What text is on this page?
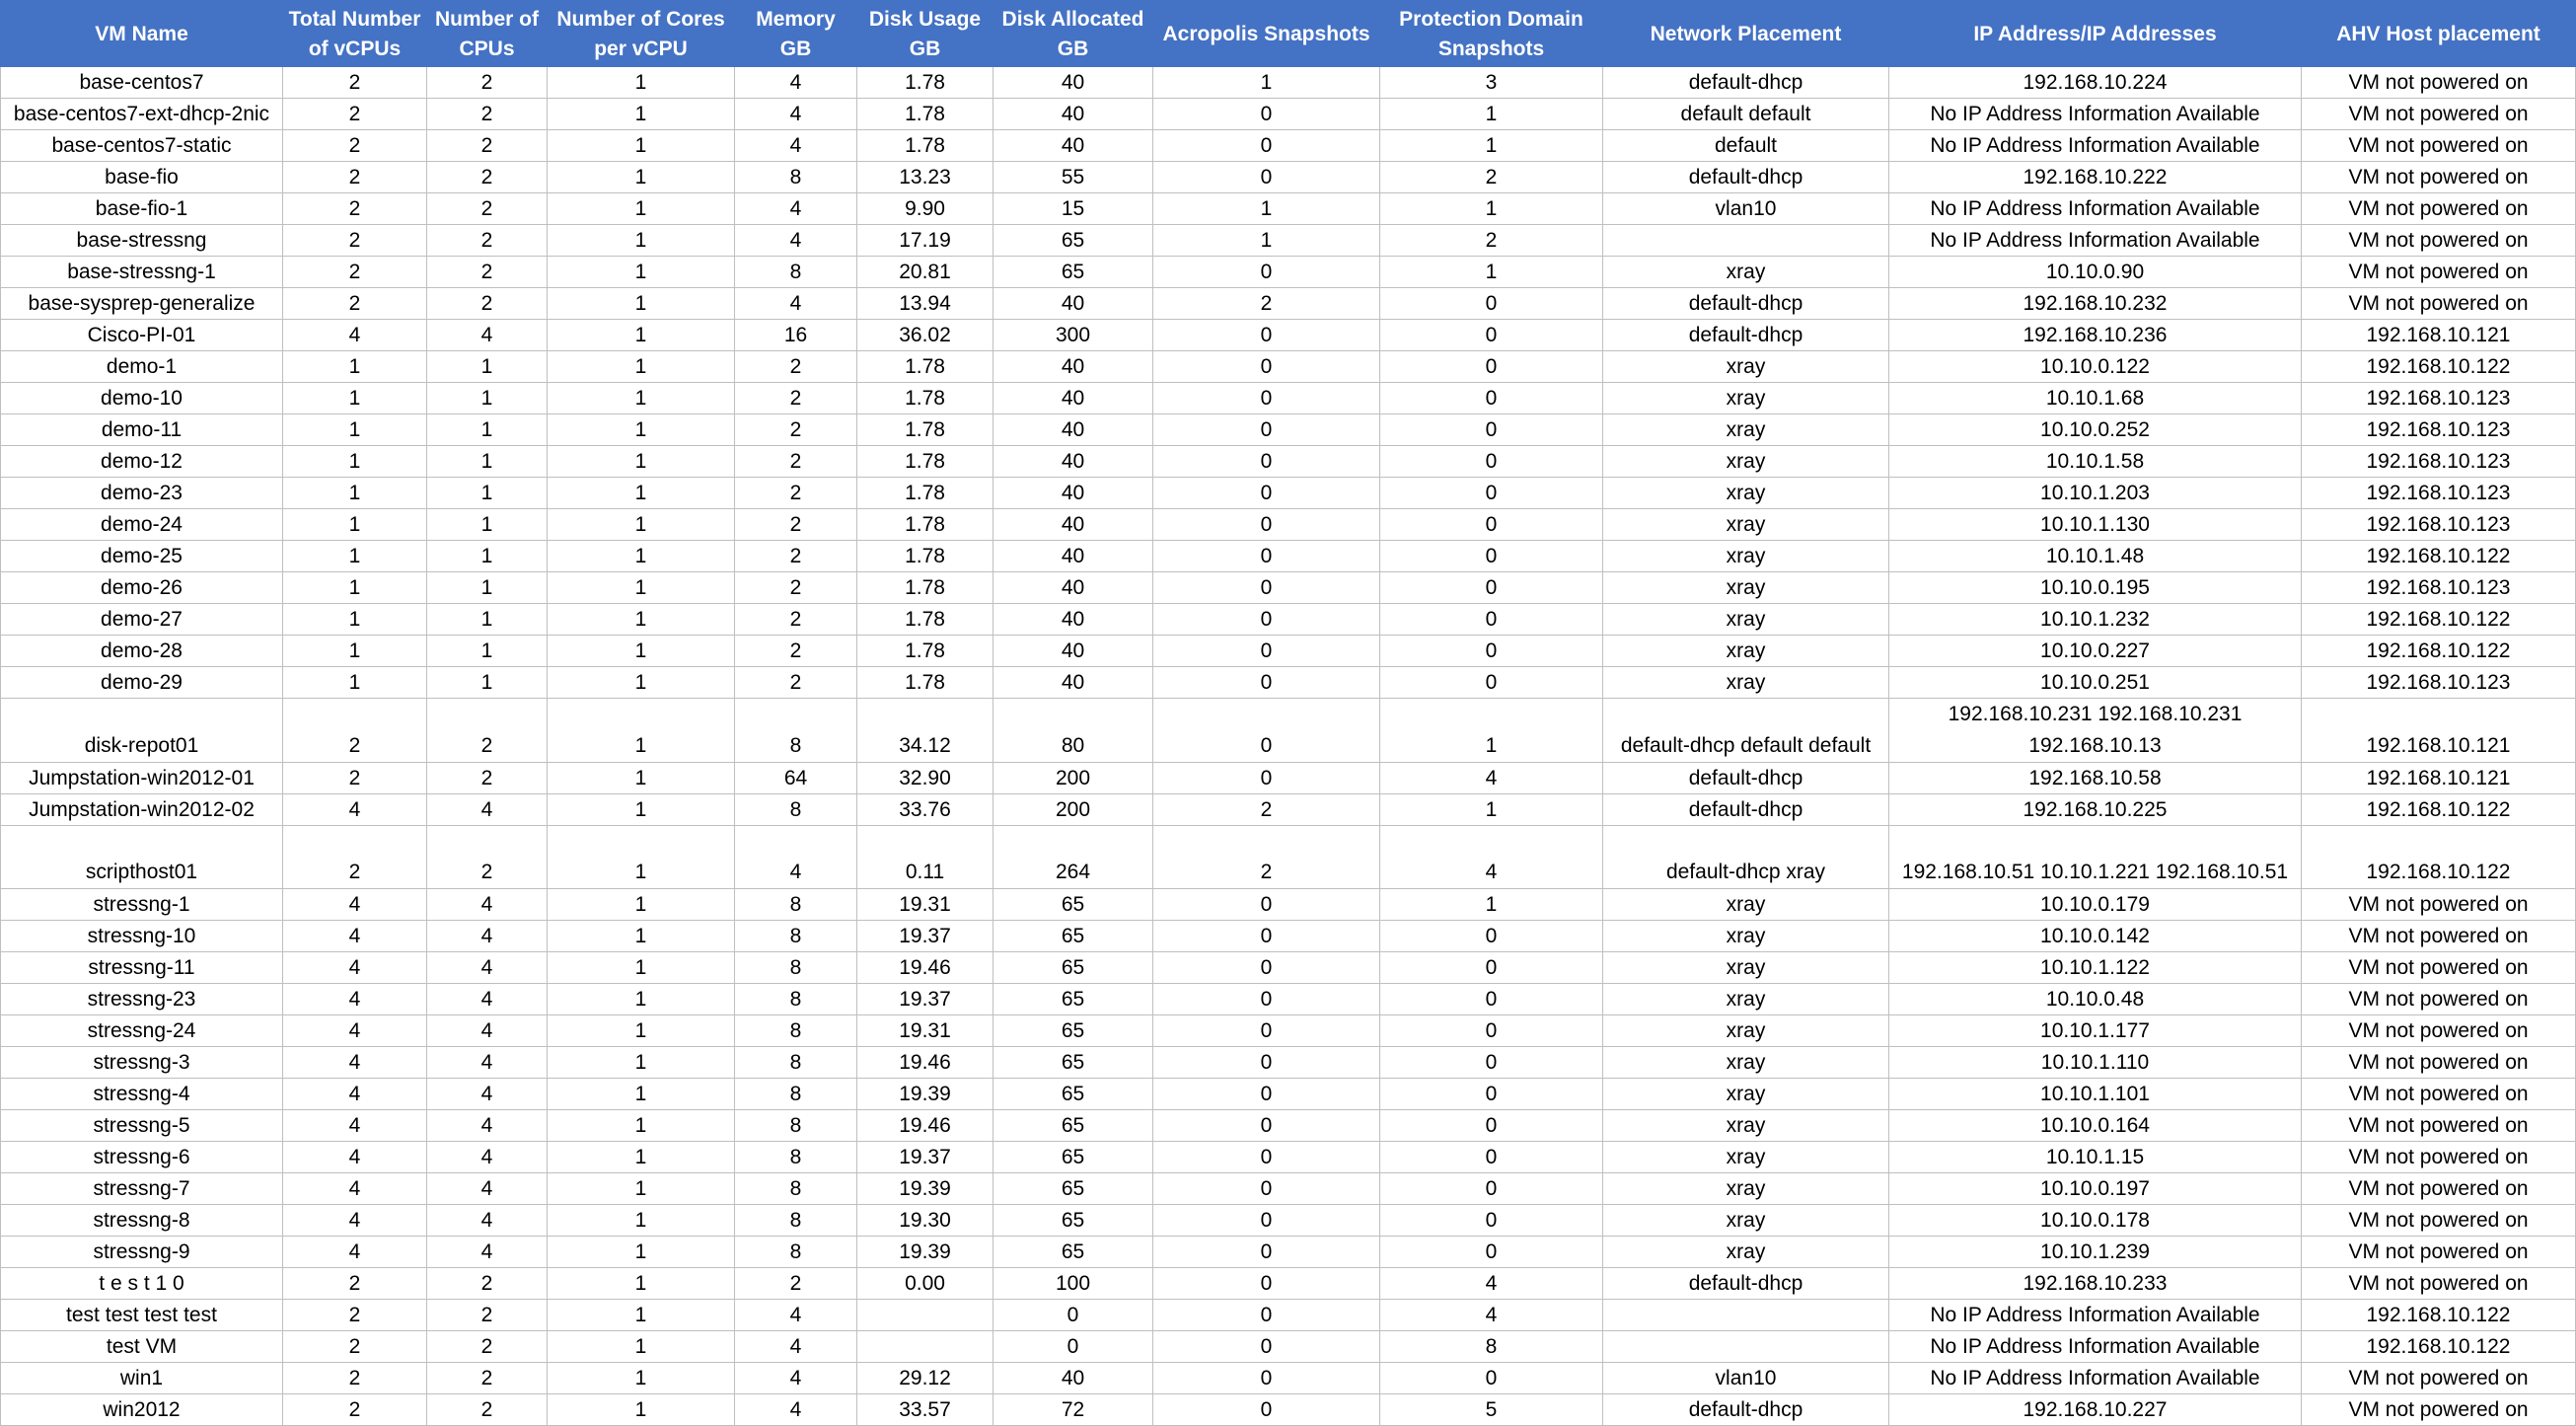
VM Name	Total Number of vCPUs	Number of CPUs	Number of Cores per vCPU	Memory GB	Disk Usage GB	Disk Allocated GB	Acropolis Snapshots	Protection Domain Snapshots	Network Placement	IP Address/IP Addresses	AHV Host placement
base-centos7	2	2	1	4	1.78	40	1	3	default-dhcp	192.168.10.224	VM not powered on
base-centos7-ext-dhcp-2nic	2	2	1	4	1.78	40	0	1	default default	No IP Address Information Available	VM not powered on
base-centos7-static	2	2	1	4	1.78	40	0	1	default	No IP Address Information Available	VM not powered on
base-fio	2	2	1	8	13.23	55	0	2	default-dhcp	192.168.10.222	VM not powered on
base-fio-1	2	2	1	4	9.90	15	1	1	vlan10	No IP Address Information Available	VM not powered on
base-stressng	2	2	1	4	17.19	65	1	2		No IP Address Information Available	VM not powered on
base-stressng-1	2	2	1	8	20.81	65	0	1	xray	10.10.0.90	VM not powered on
base-sysprep-generalize	2	2	1	4	13.94	40	2	0	default-dhcp	192.168.10.232	VM not powered on
Cisco-PI-01	4	4	1	16	36.02	300	0	0	default-dhcp	192.168.10.236	192.168.10.121
demo-1	1	1	1	2	1.78	40	0	0	xray	10.10.0.122	192.168.10.122
demo-10	1	1	1	2	1.78	40	0	0	xray	10.10.1.68	192.168.10.123
demo-11	1	1	1	2	1.78	40	0	0	xray	10.10.0.252	192.168.10.123
demo-12	1	1	1	2	1.78	40	0	0	xray	10.10.1.58	192.168.10.123
demo-23	1	1	1	2	1.78	40	0	0	xray	10.10.1.203	192.168.10.123
demo-24	1	1	1	2	1.78	40	0	0	xray	10.10.1.130	192.168.10.123
demo-25	1	1	1	2	1.78	40	0	0	xray	10.10.1.48	192.168.10.122
demo-26	1	1	1	2	1.78	40	0	0	xray	10.10.0.195	192.168.10.123
demo-27	1	1	1	2	1.78	40	0	0	xray	10.10.1.232	192.168.10.122
demo-28	1	1	1	2	1.78	40	0	0	xray	10.10.0.227	192.168.10.122
demo-29	1	1	1	2	1.78	40	0	0	xray	10.10.0.251	192.168.10.123
disk-repot01	2	2	1	8	34.12	80	0	1	default-dhcp default default	192.168.10.231 192.168.10.231 192.168.10.13	192.168.10.121
Jumpstation-win2012-01	2	2	1	64	32.90	200	0	4	default-dhcp	192.168.10.58	192.168.10.121
Jumpstation-win2012-02	4	4	1	8	33.76	200	2	1	default-dhcp	192.168.10.225	192.168.10.122
scripthost01	2	2	1	4	0.11	264	2	4	default-dhcp xray	192.168.10.51 10.10.1.221 192.168.10.51	192.168.10.122
stressng-1	4	4	1	8	19.31	65	0	1	xray	10.10.0.179	VM not powered on
stressng-10	4	4	1	8	19.37	65	0	0	xray	10.10.0.142	VM not powered on
stressng-11	4	4	1	8	19.46	65	0	0	xray	10.10.1.122	VM not powered on
stressng-23	4	4	1	8	19.37	65	0	0	xray	10.10.0.48	VM not powered on
stressng-24	4	4	1	8	19.31	65	0	0	xray	10.10.1.177	VM not powered on
stressng-3	4	4	1	8	19.46	65	0	0	xray	10.10.1.110	VM not powered on
stressng-4	4	4	1	8	19.39	65	0	0	xray	10.10.1.101	VM not powered on
stressng-5	4	4	1	8	19.46	65	0	0	xray	10.10.0.164	VM not powered on
stressng-6	4	4	1	8	19.37	65	0	0	xray	10.10.1.15	VM not powered on
stressng-7	4	4	1	8	19.39	65	0	0	xray	10.10.0.197	VM not powered on
stressng-8	4	4	1	8	19.30	65	0	0	xray	10.10.0.178	VM not powered on
stressng-9	4	4	1	8	19.39	65	0	0	xray	10.10.1.239	VM not powered on
t e s t 1 0	2	2	1	2	0.00	100	0	4	default-dhcp	192.168.10.233	VM not powered on
test test test test	2	2	1	4		0	0	4		No IP Address Information Available	192.168.10.122
test VM	2	2	1	4		0	0	8		No IP Address Information Available	192.168.10.122
win1	2	2	1	4	29.12	40	0	0	vlan10	No IP Address Information Available	VM not powered on
win2012	2	2	1	4	33.57	72	0	5	default-dhcp	192.168.10.227	VM not powered on
